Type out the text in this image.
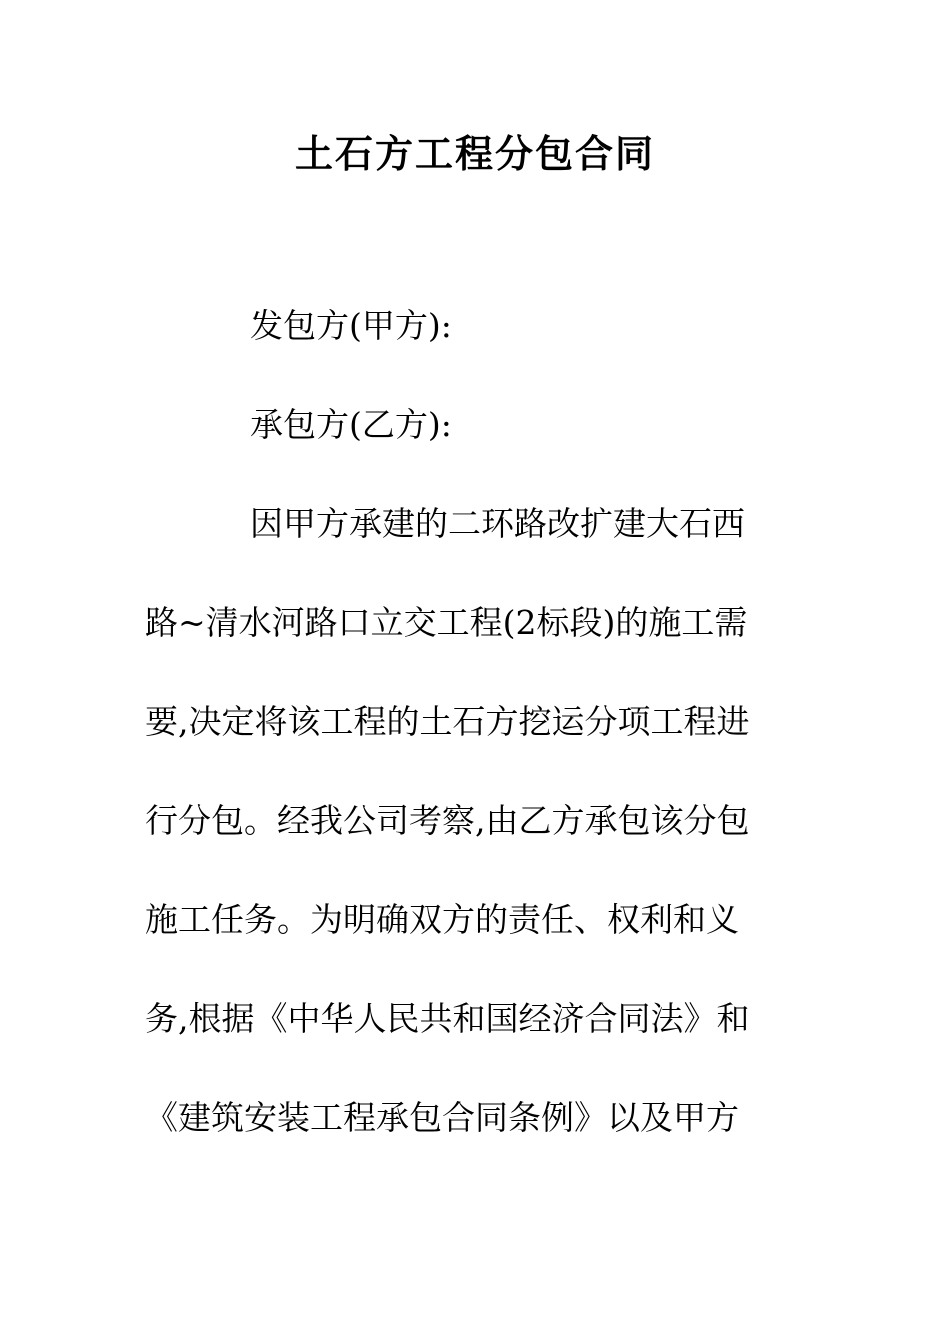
土石方工程分包合同
发包方(甲方):
承包方(乙方):
因甲方承建的二环路改扩建大石西
路~清水河路口立交工程(2标段)的施工需
要,决定将该工程的土石方挖运分项工程进
行分包。经我公司考察,由乙方承包该分包
施工任务。为明确双方的责任、权利和义
务,根据《中华人民共和国经济合同法》和
《建筑安装工程承包合同条例》以及甲方
